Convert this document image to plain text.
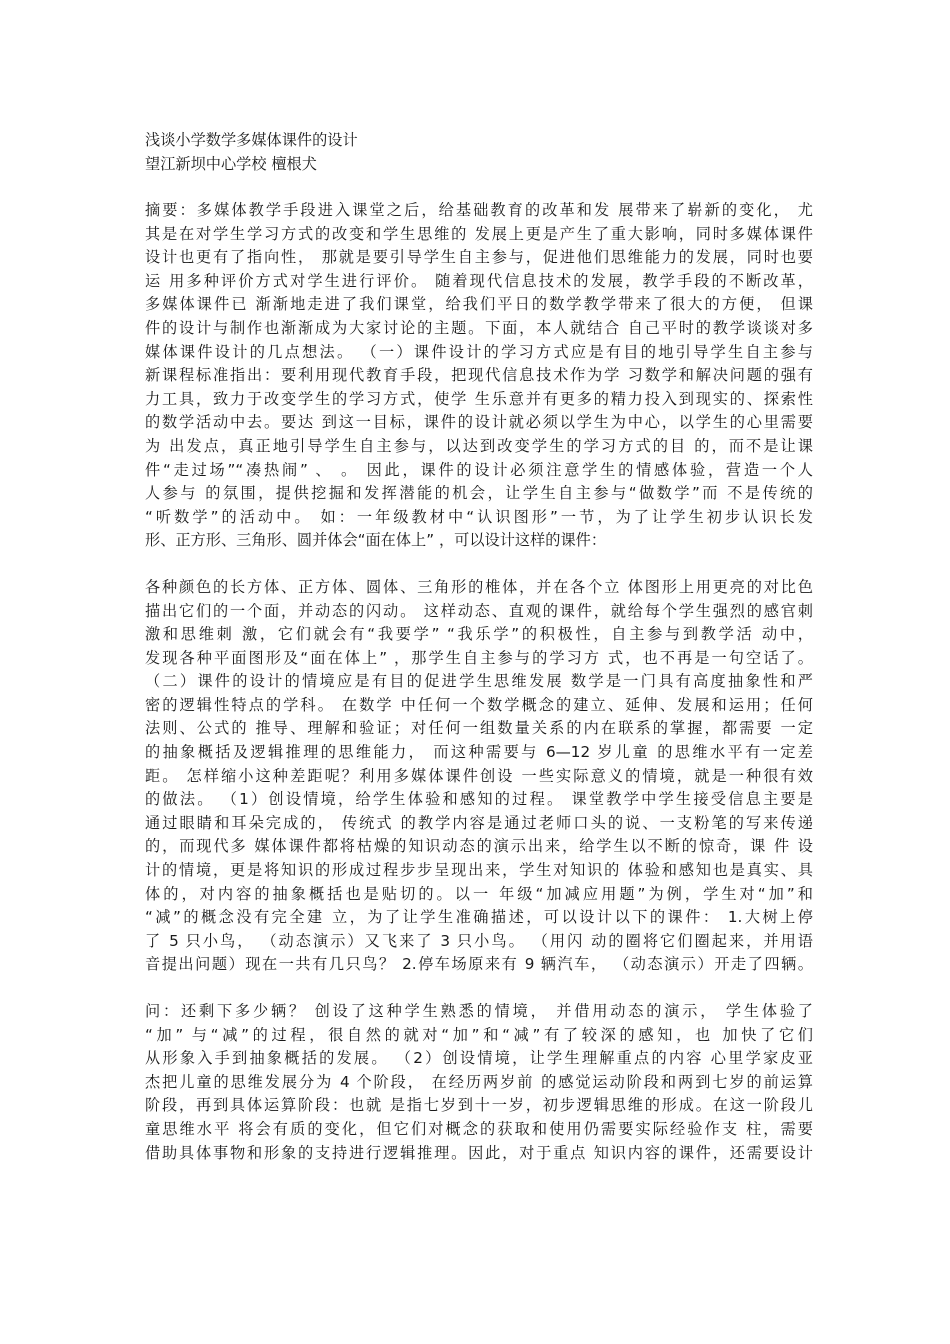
浅谈小学数学多媒体课件的设计
望江新坝中心学校 檀根犬
摘要：多媒体教学手段进入课堂之后，给基础教育的改革和发 展带来了崭新的变化， 尤
其是在对学生学习方式的改变和学生思维的 发展上更是产生了重大影响，同时多媒体课件
设计也更有了指向性， 那就是要引导学生自主参与，促进他们思维能力的发展，同时也要
运 用多种评价方式对学生进行评价。 随着现代信息技术的发展，教学手段的不断改革，
多媒体课件已 渐渐地走进了我们课堂，给我们平日的数学教学带来了很大的方便， 但课
件的设计与制作也渐渐成为大家讨论的主题。下面，本人就结合 自己平时的教学谈谈对多
媒体课件设计的几点想法。 （一）课件设计的学习方式应是有目的地引导学生自主参与
新课程标准指出：要利用现代教育手段，把现代信息技术作为学 习数学和解决问题的强有
力工具，致力于改变学生的学习方式，使学 生乐意并有更多的精力投入到现实的、探索性
的数学活动中去。要达 到这一目标，课件的设计就必须以学生为中心，以学生的心里需要
为 出发点，真正地引导学生自主参与，以达到改变学生的学习方式的目 的，而不是让课
件“走过场”“凑热闹” 、 。 因此，课件的设计必须注意学生的情感体验，营造一个人
人参与 的氛围，提供挖掘和发挥潜能的机会，让学生自主参与“做数学”而 不是传统的
“听数学”的活动中。 如：一年级教材中“认识图形”一节，为了让学生初步认识长发
形、正方形、三角形、圆并体会“面在体上” ，可以设计这样的课件：
各种颜色的长方体、正方体、圆体、三角形的椎体，并在各个立 体图形上用更亮的对比色
描出它们的一个面，并动态的闪动。 这样动态、直观的课件，就给每个学生强烈的感官刺
激和思维刺 激，它们就会有“我要学” “我乐学”的积极性，自主参与到教学活 动中，
发现各种平面图形及“面在体上” ，那学生自主参与的学习方 式，也不再是一句空话了。
（二）课件的设计的情境应是有目的促进学生思维发展 数学是一门具有高度抽象性和严
密的逻辑性特点的学科。 在数学 中任何一个数学概念的建立、延伸、发展和运用；任何
法则、公式的 推导、理解和验证；对任何一组数量关系的内在联系的掌握，都需要 一定
的抽象概括及逻辑推理的思维能力， 而这种需要与 6—12 岁儿童 的思维水平有一定差
距。 怎样缩小这种差距呢？利用多媒体课件创设 一些实际意义的情境，就是一种很有效
的做法。 （1）创设情境，给学生体验和感知的过程。 课堂教学中学生接受信息主要是
通过眼睛和耳朵完成的， 传统式 的教学内容是通过老师口头的说、一支粉笔的写来传递
的，而现代多 媒体课件都将枯燥的知识动态的演示出来，给学生以不断的惊奇，课 件 设
计的情境，更是将知识的形成过程步步呈现出来，学生对知识的 体验和感知也是真实、具
体的，对内容的抽象概括也是贴切的。以一 年级“加减应用题”为例，学生对“加”和
“减”的概念没有完全建 立，为了让学生准确描述，可以设计以下的课件： 1.大树上停
了 5 只小鸟， （动态演示）又飞来了 3 只小鸟。 （用闪 动的圈将它们圈起来，并用语
音提出问题）现在一共有几只鸟？ 2.停车场原来有 9 辆汽车， （动态演示）开走了四辆。
问：还剩下多少辆？ 创设了这种学生熟悉的情境， 并借用动态的演示， 学生体验了
“加” 与“减”的过程，很自然的就对“加”和“减”有了较深的感知，也 加快了它们
从形象入手到抽象概括的发展。 （2）创设情境，让学生理解重点的内容 心里学家皮亚
杰把儿童的思维发展分为 4 个阶段， 在经历两岁前 的感觉运动阶段和两到七岁的前运算
阶段，再到具体运算阶段：也就 是指七岁到十一岁，初步逻辑思维的形成。在这一阶段儿
童思维水平 将会有质的变化，但它们对概念的获取和使用仍需要实际经验作支 柱，需要
借助具体事物和形象的支持进行逻辑推理。因此，对于重点 知识内容的课件，还需要设计
